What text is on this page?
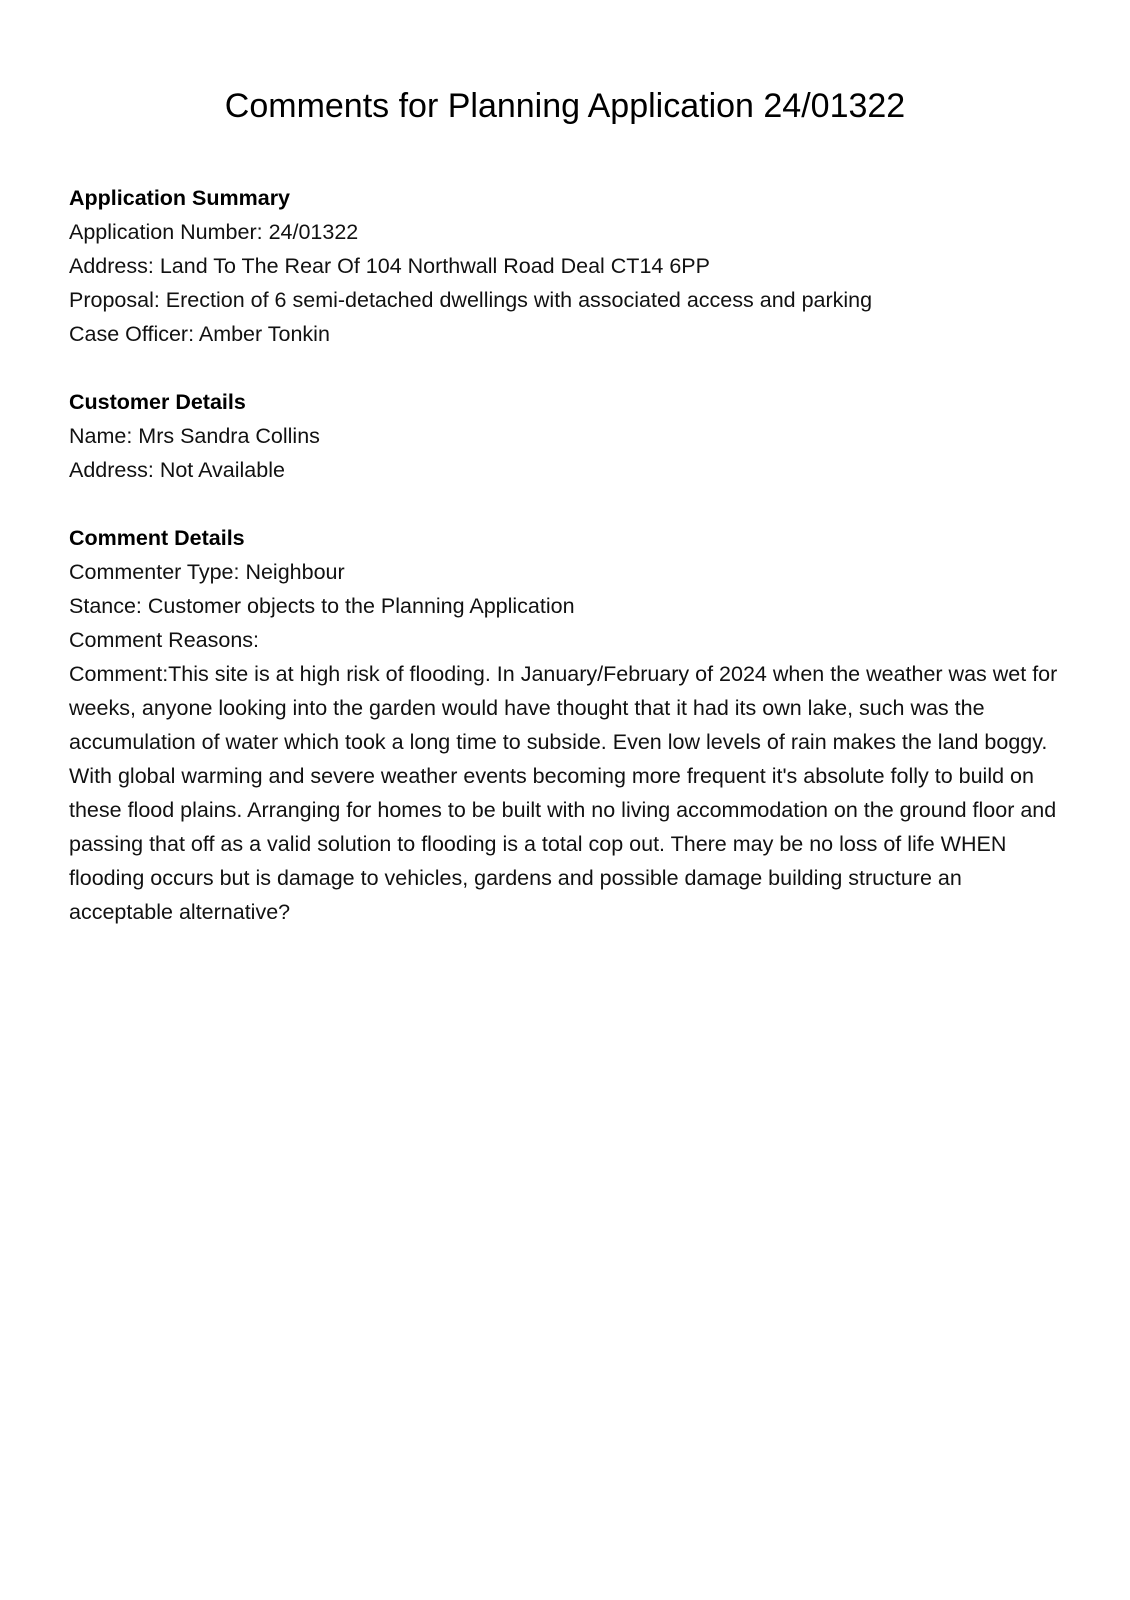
Comments for Planning Application 24/01322

Application Summary

Application Number: 24/01322

Address: Land To The Rear Of 104 Northwall Road Deal CT14 6PP

Proposal: Erection of 6 semi-detached dwellings with associated access and parking

Case Officer: Amber Tonkin

Customer Details

Name: Mrs Sandra Collins

Address: Not Available

Comment Details

Commenter Type: Neighbour

Stance: Customer objects to the Planning Application

Comment Reasons:

Comment:This site is at high risk of flooding. In January/February of 2024 when the weather was wet for weeks, anyone looking into the garden would have thought that it had its own lake, such was the accumulation of water which took a long time to subside. Even low levels of rain makes the land boggy. With global warming and severe weather events becoming more frequent it's absolute folly to build on these flood plains. Arranging for homes to be built with no living accommodation on the ground floor and passing that off as a valid solution to flooding is a total cop out. There may be no loss of life WHEN flooding occurs but is damage to vehicles, gardens and possible damage building structure an acceptable alternative?
